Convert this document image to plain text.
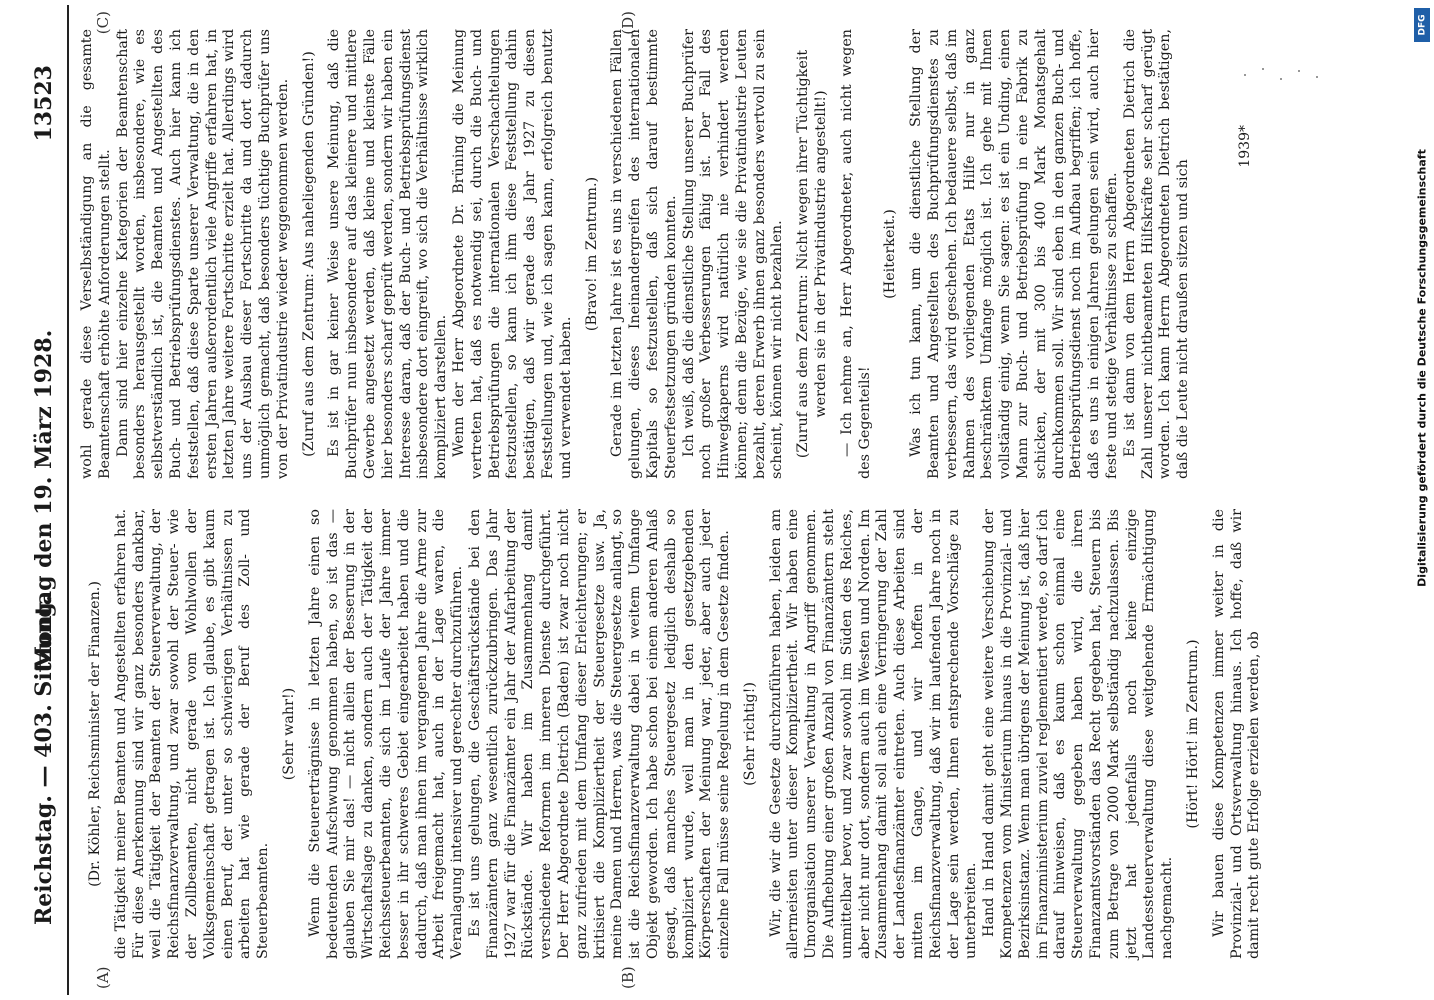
Reichstag. — 403. Sitzung.
Montag den 19. März 1928.
13523
(A)	(B)
(C)	(D)

(Dr. Köhler, Reichsminister der Finanzen.) die Tätigkeit meiner Beamten und Angestellten erfahren hat. Für diese Anerkennung sind wir ganz besonders dankbar, weil die Tätigkeit der Beamten der Steuerverwaltung, der Reichsfinanzverwaltung, und zwar sowohl der Steuer- wie der Zollbeamten, nicht gerade vom Wohlwollen der Volksgemeinschaft getragen ist. Ich glaube, es gibt kaum einen Beruf, der unter so schwierigen Verhältnissen zu arbeiten hat wie gerade der Beruf des Zoll- und Steuerbeamten.

(Sehr wahr!) Wenn die Steuererträgnisse in letzten Jahre einen so bedeutenden Aufschwung genommen haben, so ist das — glauben Sie mir das! — nicht allein der Besserung in der Wirtschaftslage zu danken, sondern auch der Tätigkeit der Reichssteuerbeamten, die sich im Laufe der Jahre immer besser in ihr schweres Gebiet eingearbeitet haben und die dadurch, daß man ihnen im vergangenen Jahre die Arme zur Arbeit freigemacht hat, auch in der Lage waren, die Veranlagung intensiver und gerechter durchzuführen. Es ist uns gelungen, die Geschäftsrückstände bei den Finanzämtern ganz wesentlich zurückzubringen. Das Jahr 1927 war für die Finanzämter ein Jahr der Aufarbeitung der Rückstände. Wir haben im Zusammenhang damit verschiedene Reformen im inneren Dienste durchgeführt. Der Herr Abgeordnete Dietrich (Baden) ist zwar noch nicht ganz zufrieden mit dem Umfang dieser Erleichterungen; er kritisiert die Kompliziertheit der Steuergesetze usw. Ja, meine Damen und Herren, was die Steuergesetze anlangt, so ist die Reichsfinanzverwaltung dabei in weitem Umfange Objekt geworden. Ich habe schon bei einem anderen Anlaß gesagt, daß manches Steuergesetz lediglich deshalb so kompliziert wurde, weil man in den gesetzgebenden Körperschaften der Meinung war, jeder, aber auch jeder einzelne Fall müsse seine Regelung in dem Gesetze finden. (Sehr richtig!) Wir, die wir die Gesetze durchzuführen haben, leiden am allermeisten unter dieser Kompliziertheit. Wir haben eine Umorganisation unserer Verwaltung in Angriff genommen. Die Aufhebung einer großen Anzahl von Finanzämtern steht unmittelbar bevor, und zwar sowohl im Süden des Reiches, aber nicht nur dort, sondern auch im Westen und Norden. Im Zusammenhang damit soll auch eine Verringerung der Zahl der Landesfinanzämter eintreten. Auch diese Arbeiten sind mitten im Gange, und wir hoffen in der Reichsfinanzverwaltung, daß wir im laufenden Jahre noch in der Lage sein werden, Ihnen entsprechende Vorschläge zu unterbreiten. Hand in Hand damit geht eine weitere Verschiebung der Kompetenzen vom Ministerium hinaus in die Provinzial- und Bezirksinstanz. Wenn man übrigens der Meinung ist, daß hier im Finanzministerium zuviel reglementiert werde, so darf ich darauf hinweisen, daß es kaum schon einmal eine Steuerverwaltung gegeben haben wird, die ihren Finanzamtsvorständen das Recht gegeben hat, Steuern bis zum Betrage von 2000 Mark selbständig nachzulassen. Bis jetzt hat jedenfalls noch keine einzige Landessteuerverwaltung diese weitgehende Ermächtigung nachgemacht.

(Hört! Hört! im Zentrum.) Wir bauen diese Kompetenzen immer weiter in die Provinzial- und Ortsverwaltung hinaus. Ich hoffe, daß wir damit recht gute Erfolge erzielen werden, ob

wohl gerade diese Verselbständigung an die gesamte Beamtenschaft erhöhte Anforderungen stellt. Dann sind hier einzelne Kategorien der Beamtenschaft besonders herausgestellt worden, insbesondere, wie es selbstverständlich ist, die Beamten und Angestellten des Buch- und Betriebsprüfungsdienstes. Auch hier kann ich feststellen, daß diese Sparte unserer Verwaltung, die in den ersten Jahren außerordentlich viele Angriffe erfahren hat, in letzten Jahre weitere Fortschritte erzielt hat. Allerdings wird uns der Ausbau dieser Fortschritte da und dort dadurch unmöglich gemacht, daß besonders tüchtige Buchprüfer uns von der Privatindustrie wieder weggenommen werden. (Zuruf aus dem Zentrum: Aus naheliegenden Gründen!) Es ist in gar keiner Weise unsere Meinung, daß die Buchprüfer nun insbesondere auf das kleinere und mittlere Gewerbe angesetzt werden, daß kleine und kleinste Fälle hier besonders scharf geprüft werden, sondern wir haben ein Interesse daran, daß der Buch- und Betriebsprüfungsdienst insbesondere dort eingreift, wo sich die Verhältnisse wirklich kompliziert darstellen. Wenn der Herr Abgeordnete Dr. Brüning die Meinung vertreten hat, daß es notwendig sei, durch die Buch- und Betriebsprüfungen die internationalen Verschachtelungen festzustellen, so kann ich ihm diese Feststellung dahin bestätigen, daß wir gerade das Jahr 1927 zu diesen Feststellungen und, wie ich sagen kann, erfolgreich benutzt und verwendet haben.

(Bravo! im Zentrum.) Gerade im letzten Jahre ist es uns in verschiedenen Fällen gelungen, dieses Ineinandergreifen des internationalen Kapitals so festzustellen, daß sich darauf bestimmte Steuerfestsetzungen gründen konnten. Ich weiß, daß die dienstliche Stellung unserer Buchprüfer noch großer Verbesserungen fähig ist. Der Fall des Hinwegkaperns wird natürlich nie verhindert werden können; denn die Bezüge, wie sie die Privatindustrie Leuten bezahlt, deren Erwerb ihnen ganz besonders wertvoll zu sein scheint, können wir nicht bezahlen. (Zuruf aus dem Zentrum: Nicht wegen ihrer Tüchtigkeit werden sie in der Privatindustrie angestellt!) — Ich nehme an, Herr Abgeordneter, auch nicht wegen des Gegenteils!

(Heiterkeit.) Was ich tun kann, um die dienstliche Stellung der Beamten und Angestellten des Buchprüfungsdienstes zu verbessern, das wird geschehen. Ich bedauere selbst, daß im Rahmen des vorliegenden Etats Hilfe nur in ganz beschränktem Umfange möglich ist. Ich gehe mit Ihnen vollständig einig, wenn Sie sagen: es ist ein Unding, einen Mann zur Buch- und Betriebsprüfung in eine Fabrik zu schicken, der mit 300 bis 400 Mark Monatsgehalt durchkommen soll. Wir sind eben in den ganzen Buch- und Betriebsprüfungsdienst noch im Aufbau begriffen; ich hoffe, daß es uns in einigen Jahren gelungen sein wird, auch hier feste und stetige Verhältnisse zu schaffen. Es ist dann von dem Herrn Abgeordneten Dietrich die Zahl unserer nichtbeamteten Hilfskräfte sehr scharf gerügt worden. Ich kann Herrn Abgeordneten Dietrich bestätigen, daß die Leute nicht draußen sitzen und sich

1939*
DFG
Digitalisierung gefördert durch die Deutsche Forschungsgemeinschaft
